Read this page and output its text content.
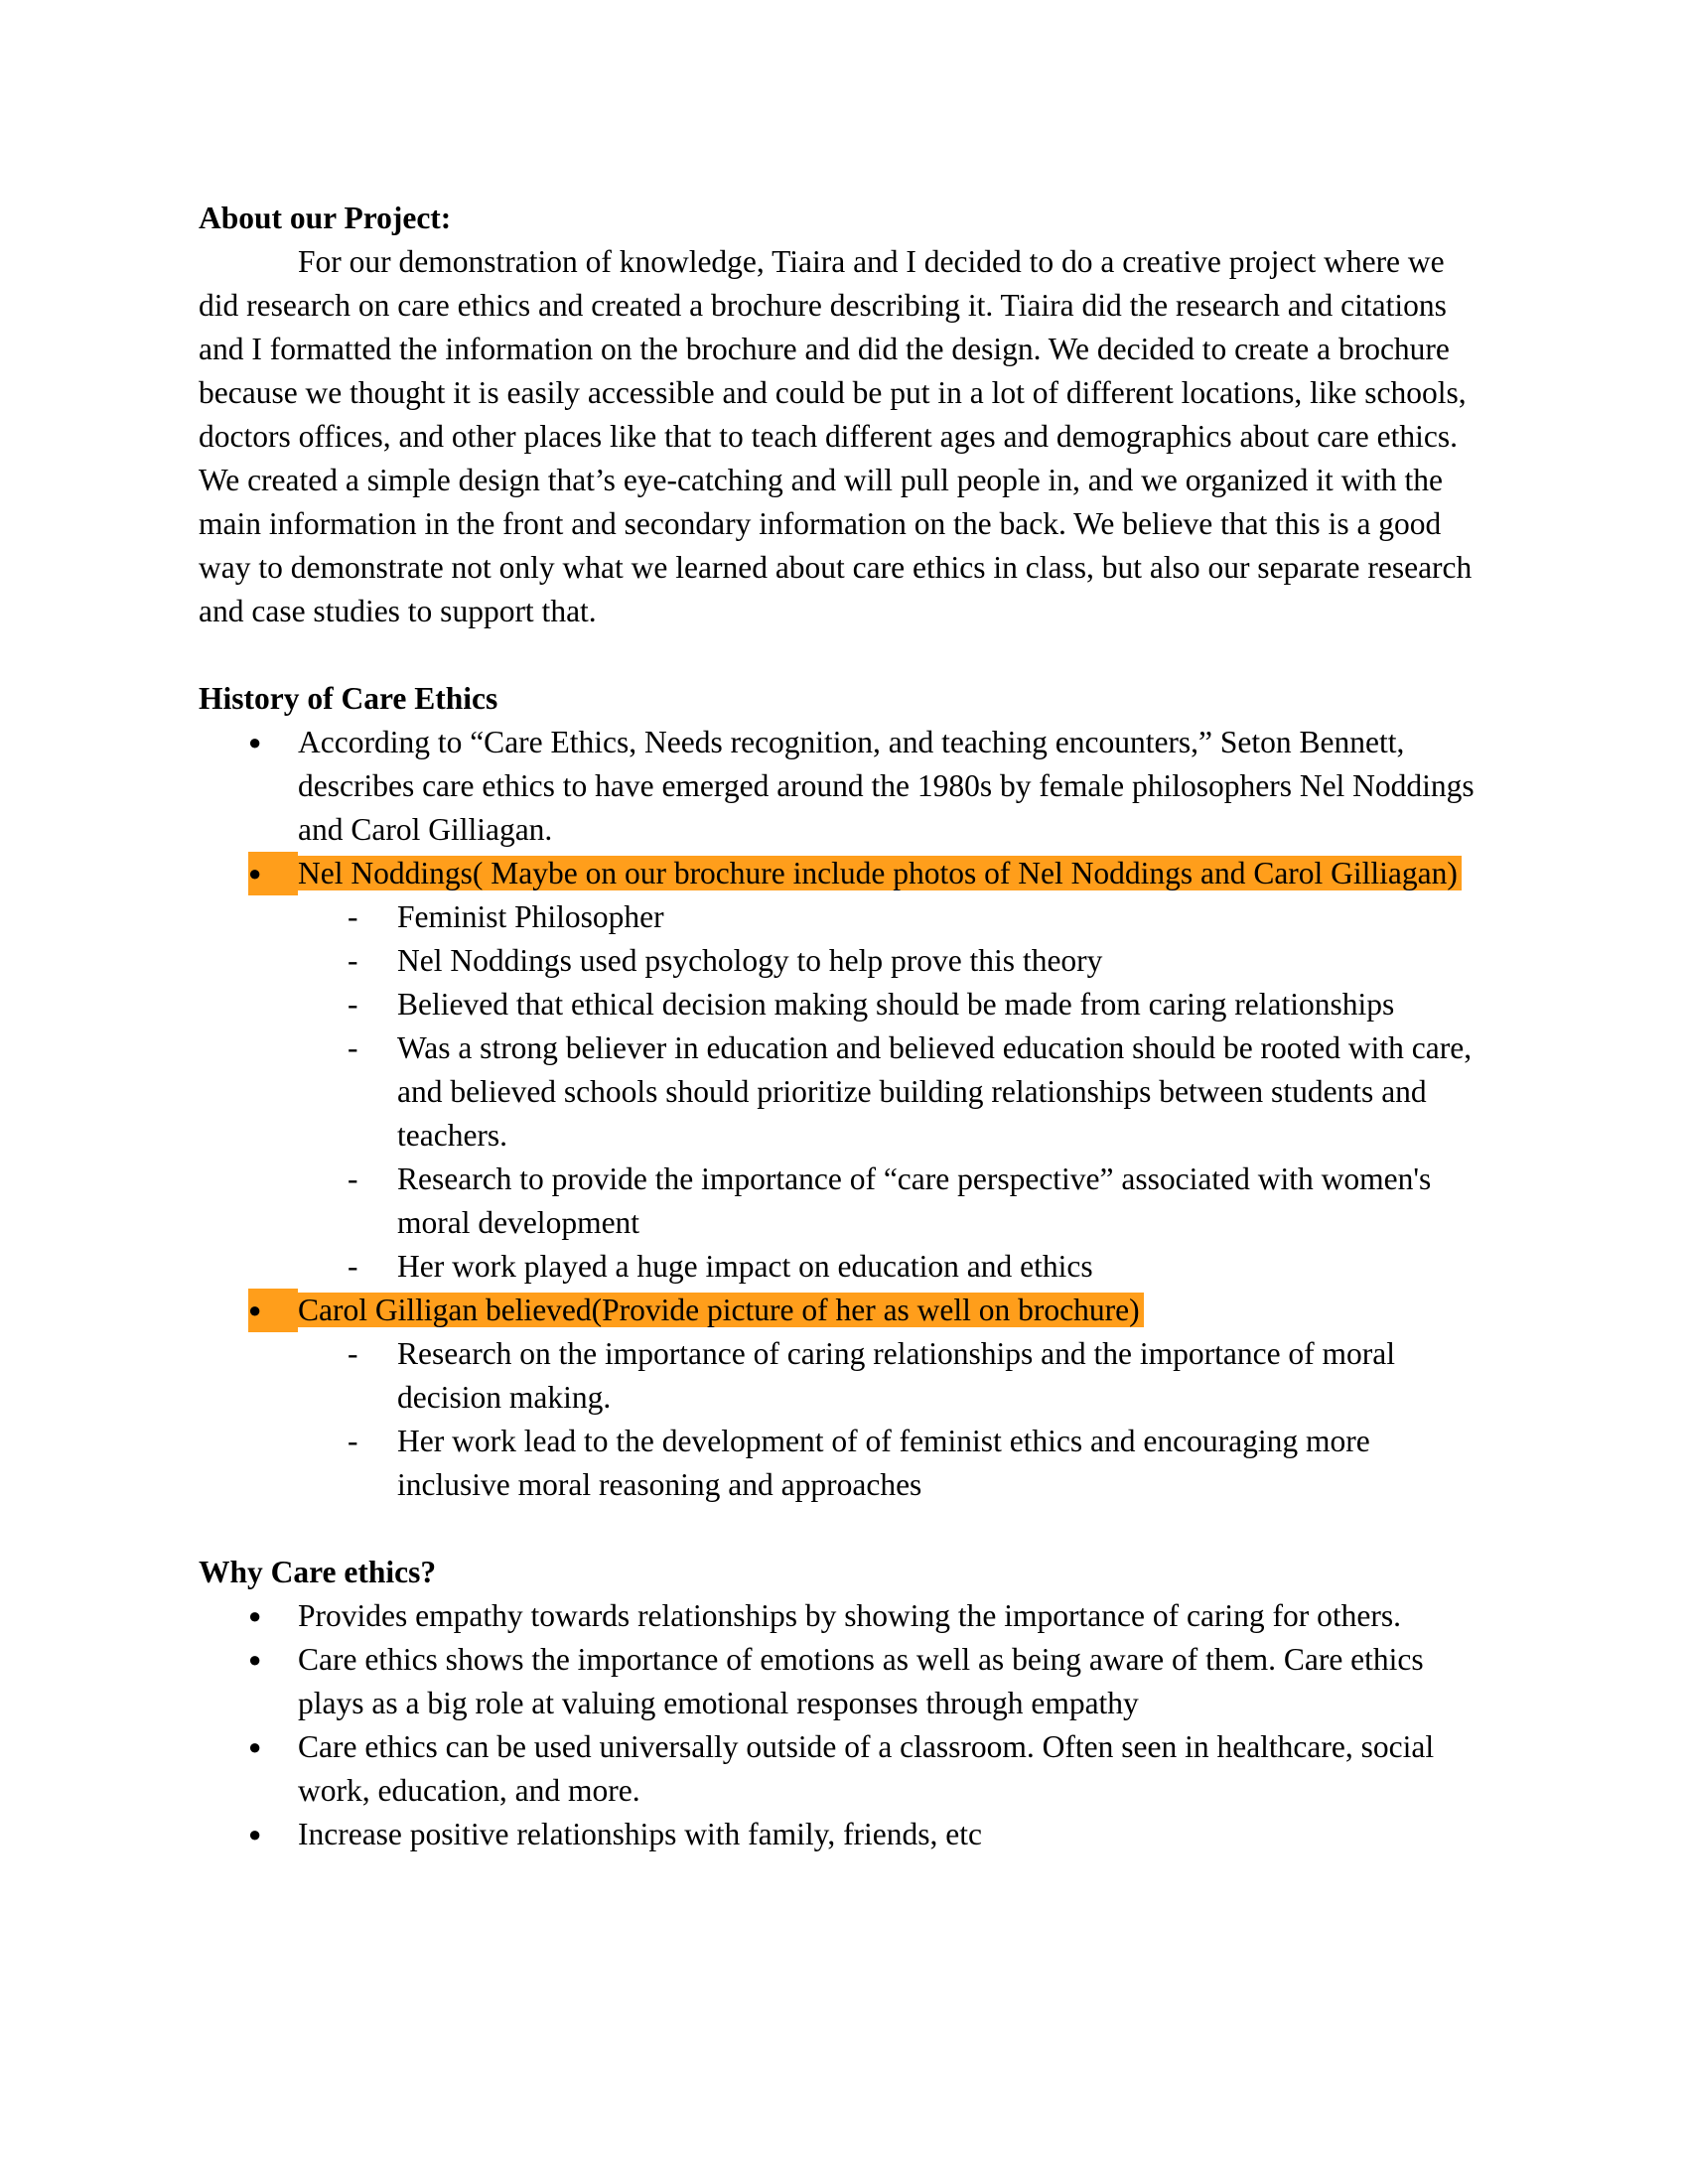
About our Project:

For our demonstration of knowledge, Tiaira and I decided to do a creative project where we did research on care ethics and created a brochure describing it. Tiaira did the research and citations and I formatted the information on the brochure and did the design. We decided to create a brochure because we thought it is easily accessible and could be put in a lot of different locations, like schools, doctors offices, and other places like that to teach different ages and demographics about care ethics. We created a simple design that’s eye-catching and will pull people in, and we organized it with the main information in the front and secondary information on the back. We believe that this is a good way to demonstrate not only what we learned about care ethics in class, but also our separate research and case studies to support that.

History of Care Ethics
●	According to “Care Ethics, Needs recognition, and teaching encounters,” Seton Bennett, describes care ethics to have emerged around the 1980s by female philosophers Nel Noddings and Carol Gilliagan.
●	Nel Noddings( Maybe on our brochure include photos of Nel Noddings and Carol Gilliagan)
- Feminist Philosopher
- Nel Noddings used psychology to help prove this theory
- Believed that ethical decision making should be made from caring relationships
- Was a strong believer in education and believed education should be rooted with care, and believed schools should prioritize building relationships between students and teachers.
- Research to provide the importance of “care perspective” associated with women's moral development
- Her work played a huge impact on education and ethics
●	Carol Gilligan believed(Provide picture of her as well on brochure)
- Research on the importance of caring relationships and the importance of moral decision making.
- Her work lead to the development of of feminist ethics and encouraging more inclusive moral reasoning and approaches
Why Care ethics?
●	Provides empathy towards relationships by showing the importance of caring for others.
●	Care ethics shows the importance of emotions as well as being aware of them. Care ethics plays as a big role at valuing emotional responses through empathy
●	Care ethics can be used universally outside of a classroom. Often seen in healthcare, social work, education, and more.
●	Increase positive relationships with family, friends, etc
